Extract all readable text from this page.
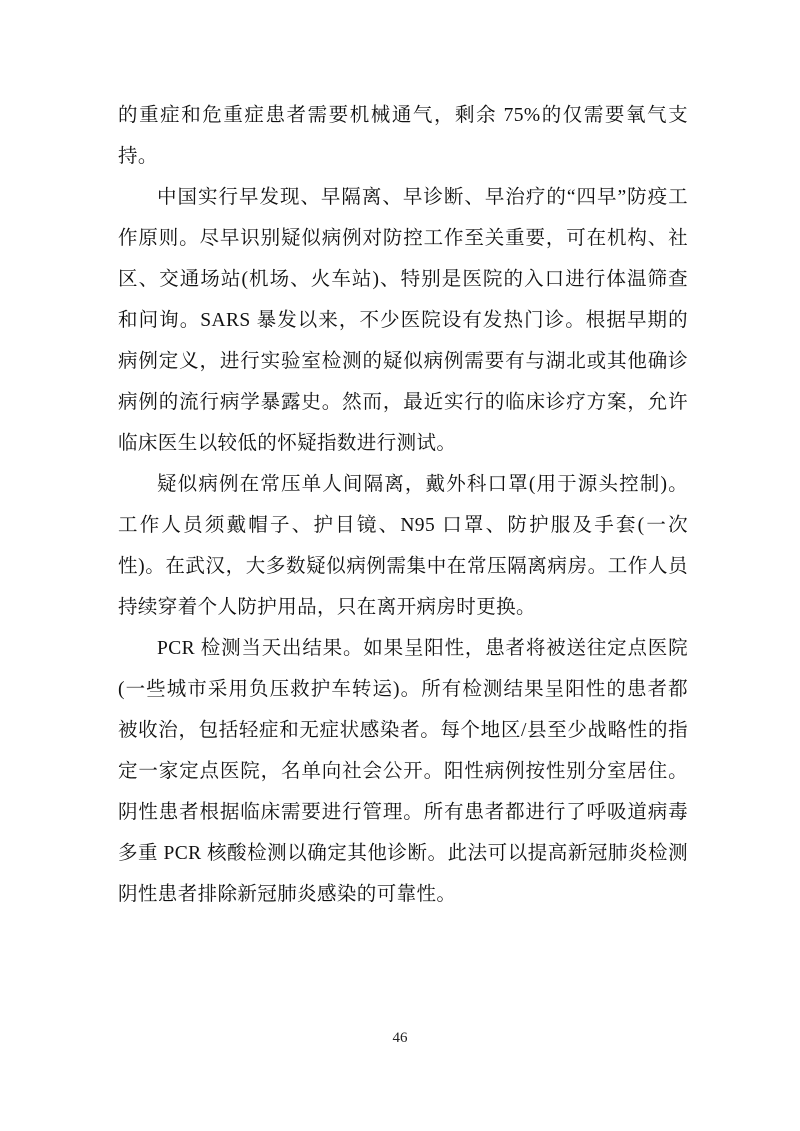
的重症和危重症患者需要机械通气，剩余 75%的仅需要氧气支持。

中国实行早发现、早隔离、早诊断、早治疗的“四早”防疫工作原则。尽早识别疑似病例对防控工作至关重要，可在机构、社区、交通场站(机场、火车站)、特别是医院的入口进行体温筛查和问询。SARS 暴发以来，不少医院设有发热门诊。根据早期的病例定义，进行实验室检测的疑似病例需要有与湖北或其他确诊病例的流行病学暴露史。然而，最近实行的临床诊疗方案，允许临床医生以较低的怀疑指数进行测试。

疑似病例在常压单人间隔离，戴外科口罩(用于源头控制)。工作人员须戴帽子、护目镜、N95 口罩、防护服及手套(一次性)。在武汉，大多数疑似病例需集中在常压隔离病房。工作人员持续穿着个人防护用品，只在离开病房时更换。

PCR 检测当天出结果。如果呈阳性，患者将被送往定点医院(一些城市采用负压救护车转运)。所有检测结果呈阳性的患者都被收治，包括轻症和无症状感染者。每个地区/县至少战略性的指定一家定点医院，名单向社会公开。阳性病例按性别分室居住。阴性患者根据临床需要进行管理。所有患者都进行了呼吸道病毒多重 PCR 核酸检测以确定其他诊断。此法可以提高新冠肺炎检测阴性患者排除新冠肺炎感染的可靠性。

46
